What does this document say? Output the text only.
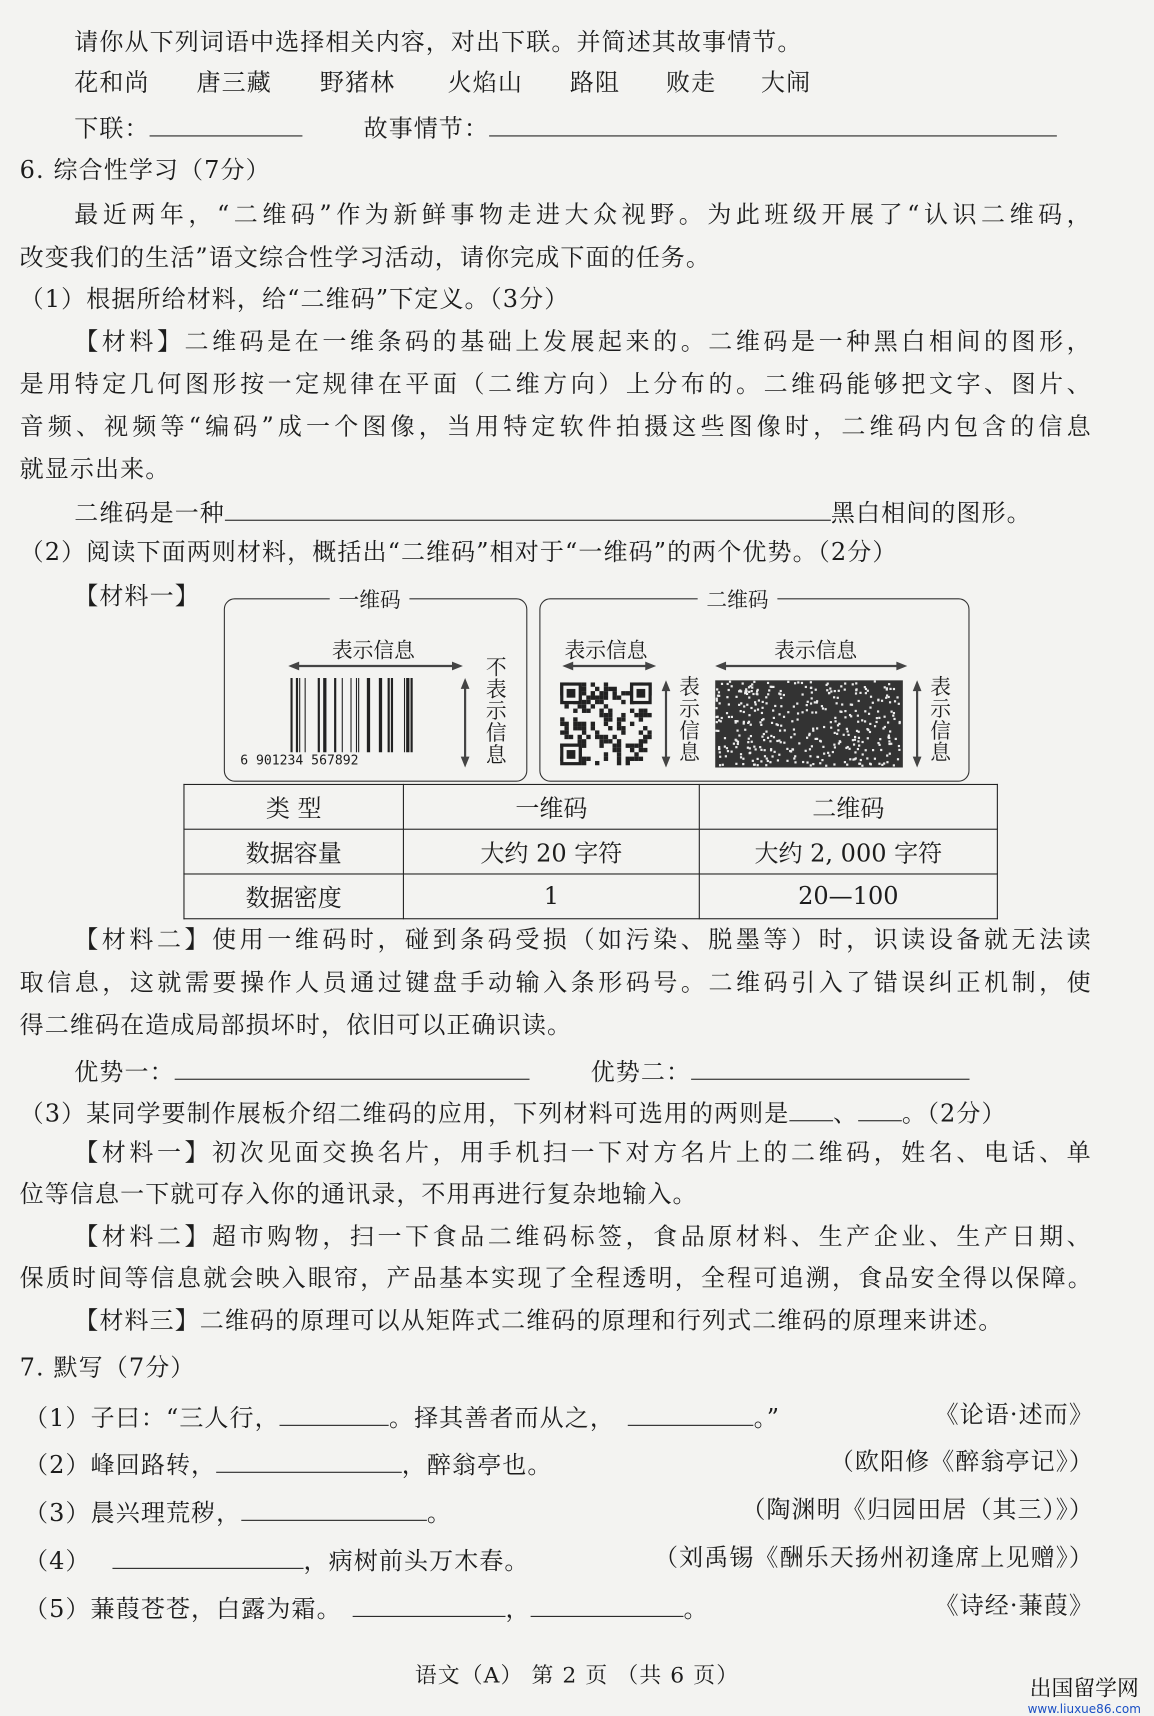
请你从下列词语中选择相关内容，对出下联。并简述其故事情节。
花和尚 唐三藏 野猪林 火焰山 路阻 败走 大闹
下联：	故事情节：
6. 综合性学习（7分）
最近两年，“二维码”作为新鲜事物走进大众视野。为此班级开展了“认识二维码，
改变我们的生活”语文综合性学习活动，请你完成下面的任务。
（1）根据所给材料，给“二维码”下定义。（3分）
【材料】二维码是在一维条码的基础上发展起来的。二维码是一种黑白相间的图形，
是用特定几何图形按一定规律在平面（二维方向）上分布的。二维码能够把文字、图片、
音频、视频等“编码”成一个图像，当用特定软件拍摄这些图像时，二维码内包含的信息
就显示出来。
二维码是一种	黑白相间的图形。
（2）阅读下面两则材料，概括出“二维码”相对于“一维码”的两个优势。（2分）
【材料一】	一维码
表示信息
6 901234 567892	不表示信息
二维码
表示信息
表示信息
表示信息
表示信息
类 型	一维码	二维码
数据容量	大约 20 字符	大约 2, 000 字符
数据密度	1	20—100
【材料二】使用一维码时，碰到条码受损（如污染、脱墨等）时，识读设备就无法读
取信息，这就需要操作人员通过键盘手动输入条形码号。二维码引入了错误纠正机制，使
得二维码在造成局部损坏时，依旧可以正确识读。
优势一：	优势二：
（3）某同学要制作展板介绍二维码的应用，下列材料可选用的两则是 、 。（2分）
【材料一】初次见面交换名片，用手机扫一下对方名片上的二维码，姓名、电话、单
位等信息一下就可存入你的通讯录，不用再进行复杂地输入。
【材料二】超市购物，扫一下食品二维码标签，食品原材料、生产企业、生产日期、
保质时间等信息就会映入眼帘，产品基本实现了全程透明，全程可追溯，食品安全得以保障。
【材料三】二维码的原理可以从矩阵式二维码的原理和行列式二维码的原理来讲述。
7. 默写（7分）
（1）子曰：“三人行，	。择其善者而从之，	。”	《论语·述而》
（2）峰回路转，	，醉翁亭也。	（欧阳修《醉翁亭记》）
（3）晨兴理荒秽，	。	（陶渊明《归园田居（其三）》）
（4）	，病树前头万木春。	（刘禹锡《酬乐天扬州初逢席上见赠》）
（5）蒹葭苍苍，白露为霜。	，	。	《诗经·蒹葭》
语文（A） 第 2 页 （共 6 页）	出国留学网
www.liuxue86.com
